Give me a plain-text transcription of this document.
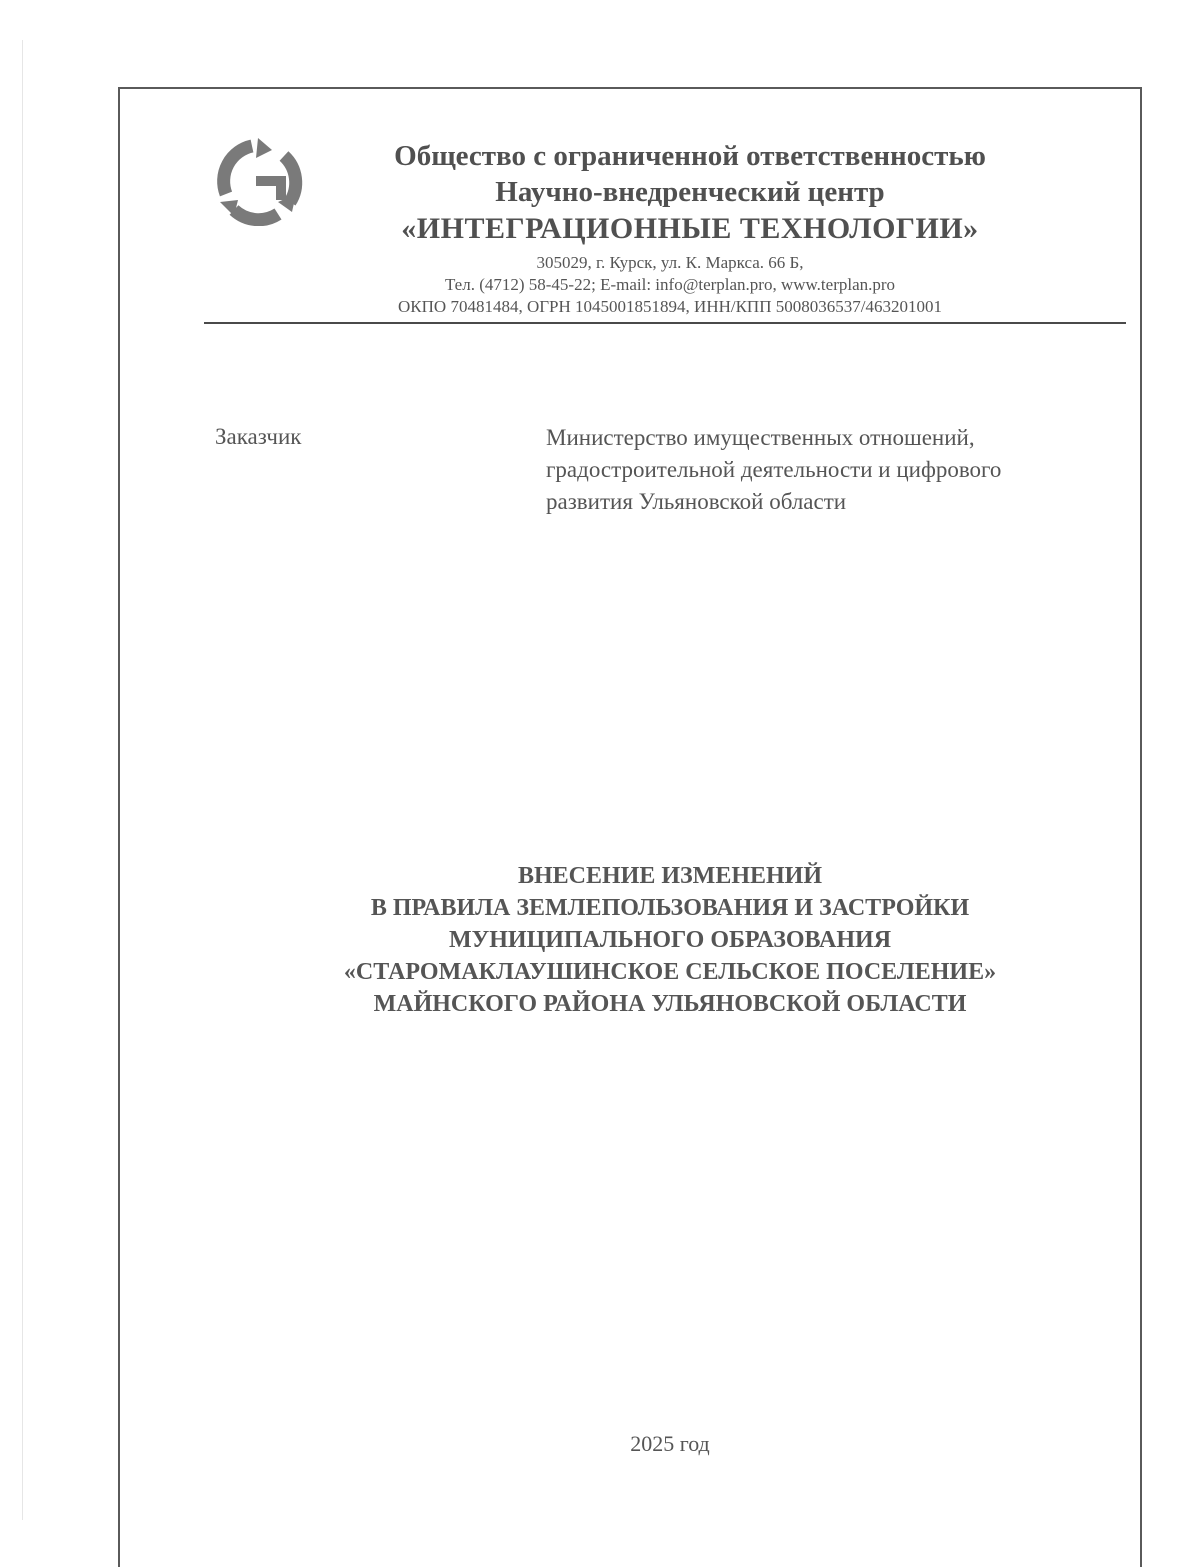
Общество с ограниченной ответственностью
Научно-внедренческий центр
«ИНТЕГРАЦИОННЫЕ ТЕХНОЛОГИИ»
305029, г. Курск, ул. К. Маркса. 66 Б,
Тел. (4712) 58-45-22; E-mail: info@terplan.pro, www.terplan.pro
ОКПО 70481484, ОГРН 1045001851894, ИНН/КПП 5008036537/463201001
Заказчик	Министерство имущественных отношений,
градостроительной деятельности и цифрового
развития Ульяновской области
ВНЕСЕНИЕ ИЗМЕНЕНИЙ
В ПРАВИЛА ЗЕМЛЕПОЛЬЗОВАНИЯ И ЗАСТРОЙКИ
МУНИЦИПАЛЬНОГО ОБРАЗОВАНИЯ
«СТАРОМАКЛАУШИНСКОЕ СЕЛЬСКОЕ ПОСЕЛЕНИЕ»
МАЙНСКОГО РАЙОНА УЛЬЯНОВСКОЙ ОБЛАСТИ
2025 год
